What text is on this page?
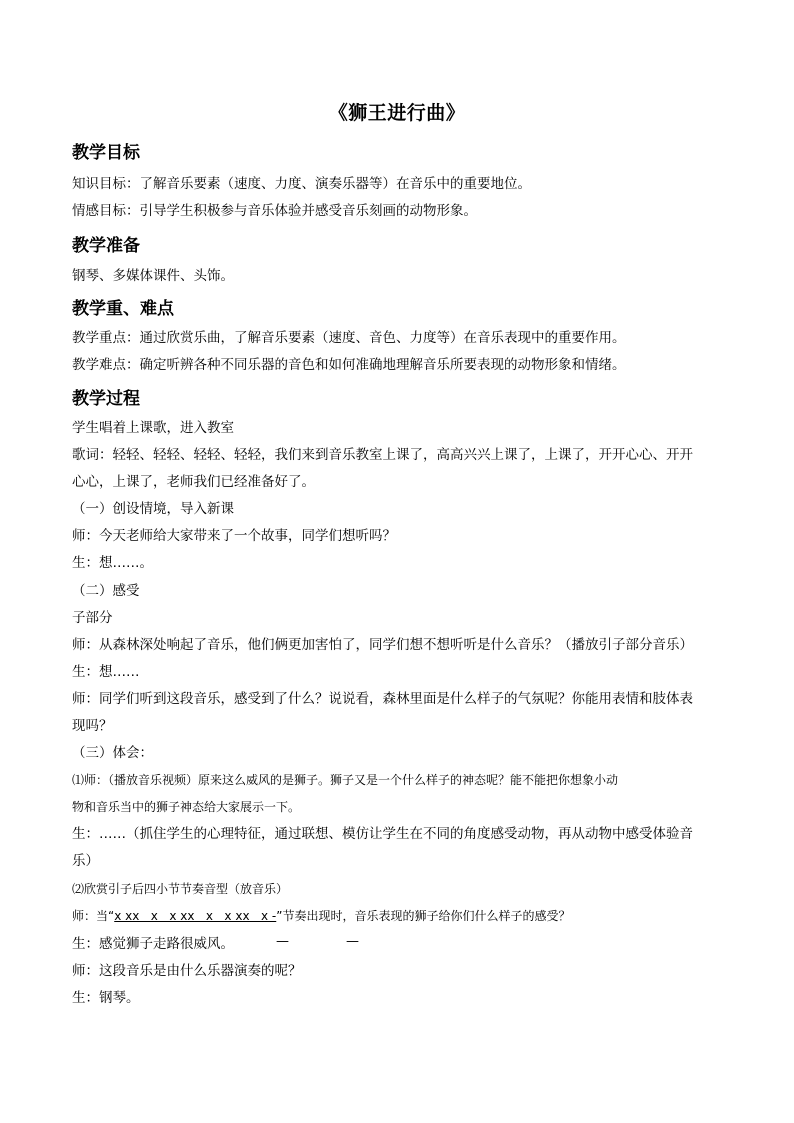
《狮王进行曲》
教学目标
知识目标：了解音乐要素（速度、力度、演奏乐器等）在音乐中的重要地位。
情感目标：引导学生积极参与音乐体验并感受音乐刻画的动物形象。
教学准备
钢琴、多媒体课件、头饰。
教学重、难点
教学重点：通过欣赏乐曲，了解音乐要素（速度、音色、力度等）在音乐表现中的重要作用。
教学难点：确定听辨各种不同乐器的音色和如何准确地理解音乐所要表现的动物形象和情绪。
教学过程
学生唱着上课歌，进入教室
歌词：轻轻、轻轻、轻轻、轻轻，我们来到音乐教室上课了，高高兴兴上课了，上课了，开开心心、开开
心心，上课了，老师我们已经准备好了。
（一）创设情境，导入新课
师：今天老师给大家带来了一个故事，同学们想听吗？
生：想……。
（二）感受
子部分
师：从森林深处响起了音乐，他们俩更加害怕了，同学们想不想听听是什么音乐？（播放引子部分音乐）
生：想……
师：同学们听到这段音乐，感受到了什么？说说看，森林里面是什么样子的气氛呢？你能用表情和肢体表
现吗？
（三）体会：
⑴师：（播放音乐视频）原来这么威风的是狮子。狮子又是一个什么样子的神态呢？能不能把你想象小动
物和音乐当中的狮子神态给大家展示一下。
生：……（抓住学生的心理特征，通过联想、模仿让学生在不同的角度感受动物，再从动物中感受体验音
乐）
⑵欣赏引子后四小节节奏音型（放音乐）
师：当“x xx   x   x xx   x   x xx   x -”节奏出现时，音乐表现的狮子给你们什么样子的感受？
生：感觉狮子走路很威风。	—	—
师：这段音乐是由什么乐器演奏的呢？
生：钢琴。
